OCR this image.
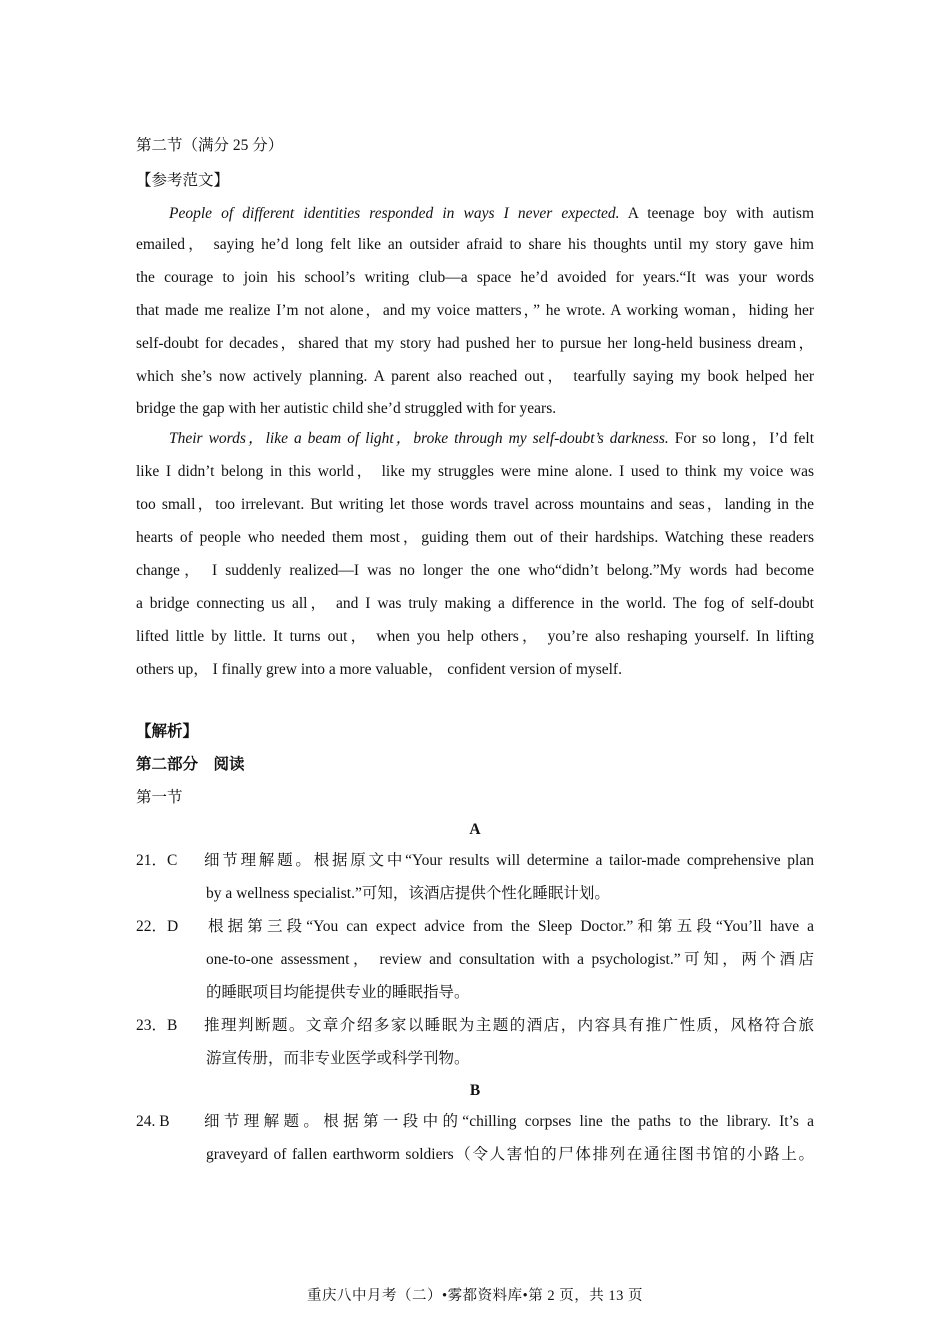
第二节（满分 25 分）
【参考范文】
People of different identities responded in ways I never expected. A teenage boy with autism
emailed， saying he’d long felt like an outsider afraid to share his thoughts until my story gave him
the courage to join his school’s writing club—a space he’d avoided for years.“It was your words
that made me realize I’m not alone，and my voice matters，” he wrote. A working woman，hiding her
self-doubt for decades，shared that my story had pushed her to pursue her long-held business dream，
which she’s now actively planning. A parent also reached out， tearfully saying my book helped her
bridge the gap with her autistic child she’d struggled with for years.
Their words，like a beam of light，broke through my self-doubt’s darkness. For so long，I’d felt
like I didn’t belong in this world， like my struggles were mine alone. I used to think my voice was
too small，too irrelevant. But writing let those words travel across mountains and seas，landing in the
hearts of people who needed them most，guiding them out of their hardships. Watching these readers
change， I suddenly realized—I was no longer the one who“didn’t belong.”My words had become
a bridge connecting us all， and I was truly making a difference in the world. The fog of self-doubt
lifted little by little. It turns out， when you help others， you’re also reshaping yourself. In lifting
others up， I finally grew into a more valuable， confident version of myself.
【解析】
第二部分　阅读
第一节
A
21．C 细节理解题。根据原文中“Your results will determine a tailor-made comprehensive plan
by a wellness specialist.”可知，该酒店提供个性化睡眠计划。
22．D 根据第三段“You can expect advice from the Sleep Doctor.”和第五段“You’ll have a
one-to-one assessment， review and consultation with a psychologist.”可知，两个酒店
的睡眠项目均能提供专业的睡眠指导。
23．B 推理判断题。文章介绍多家以睡眠为主题的酒店，内容具有推广性质，风格符合旅
游宣传册，而非专业医学或科学刊物。
B
24. B 细节理解题。根据第一段中的“chilling corpses line the paths to the library. It’s a
graveyard of fallen earthworm soldiers（令人害怕的尸体排列在通往图书馆的小路上。
重庆八中月考（二）•雾都资料库•第 2 页，共 13 页
